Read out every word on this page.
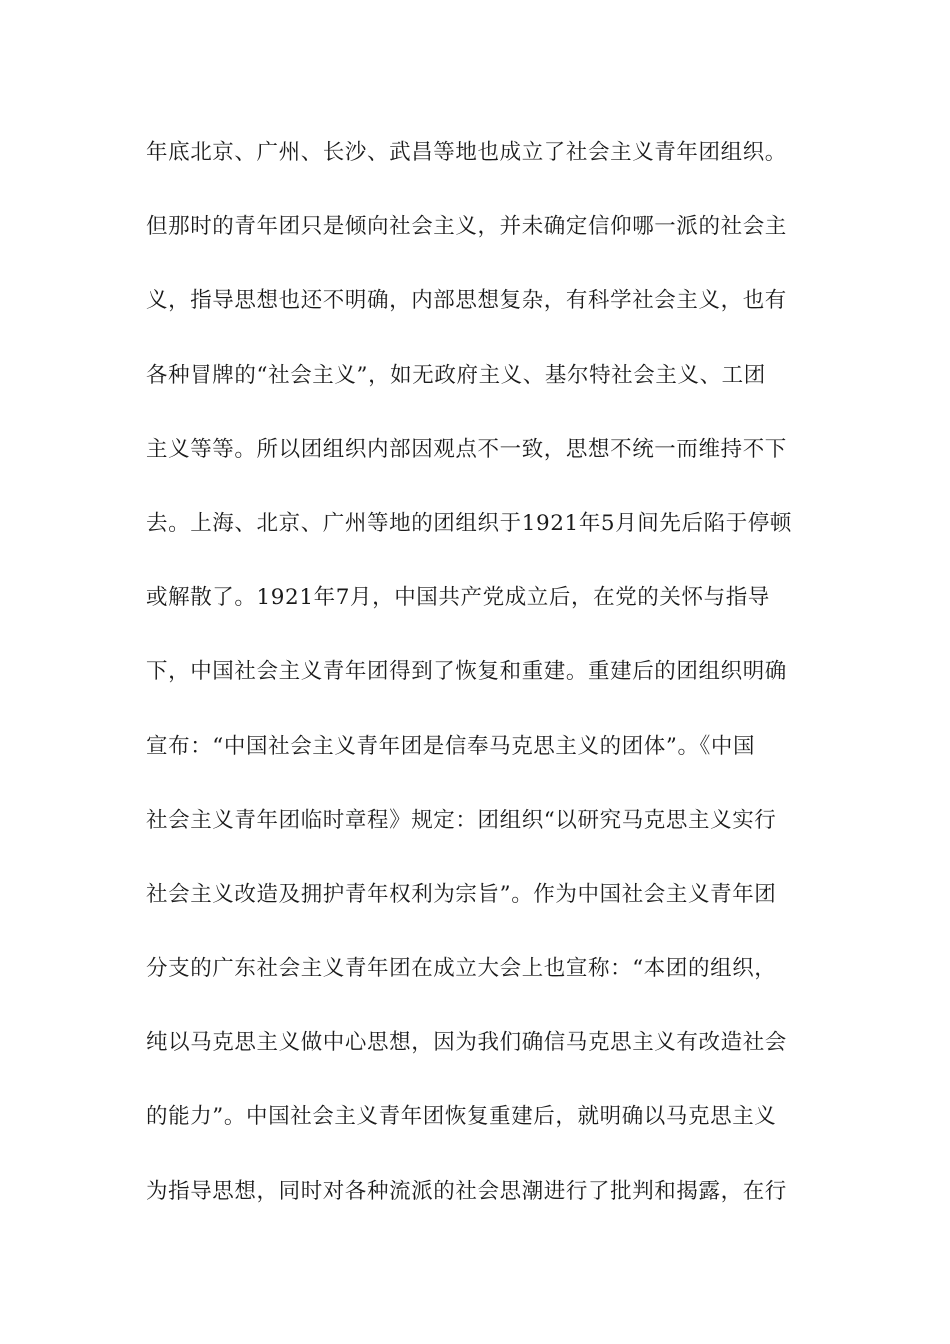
年底北京、广州、长沙、武昌等地也成立了社会主义青年团组织。
但那时的青年团只是倾向社会主义，并未确定信仰哪一派的社会主
义，指导思想也还不明确，内部思想复杂，有科学社会主义，也有
各种冒牌的“社会主义”，如无政府主义、基尔特社会主义、工团
主义等等。所以团组织内部因观点不一致，思想不统一而维持不下
去。上海、北京、广州等地的团组织于1921年5月间先后陷于停顿
或解散了。1921年7月，中国共产党成立后，在党的关怀与指导
下，中国社会主义青年团得到了恢复和重建。重建后的团组织明确
宣布：“中国社会主义青年团是信奉马克思主义的团体”。《中国
社会主义青年团临时章程》规定：团组织“以研究马克思主义实行
社会主义改造及拥护青年权利为宗旨”。作为中国社会主义青年团
分支的广东社会主义青年团在成立大会上也宣称：“本团的组织，
纯以马克思主义做中心思想，因为我们确信马克思主义有改造社会
的能力”。中国社会主义青年团恢复重建后，就明确以马克思主义
为指导思想，同时对各种流派的社会思潮进行了批判和揭露，在行
